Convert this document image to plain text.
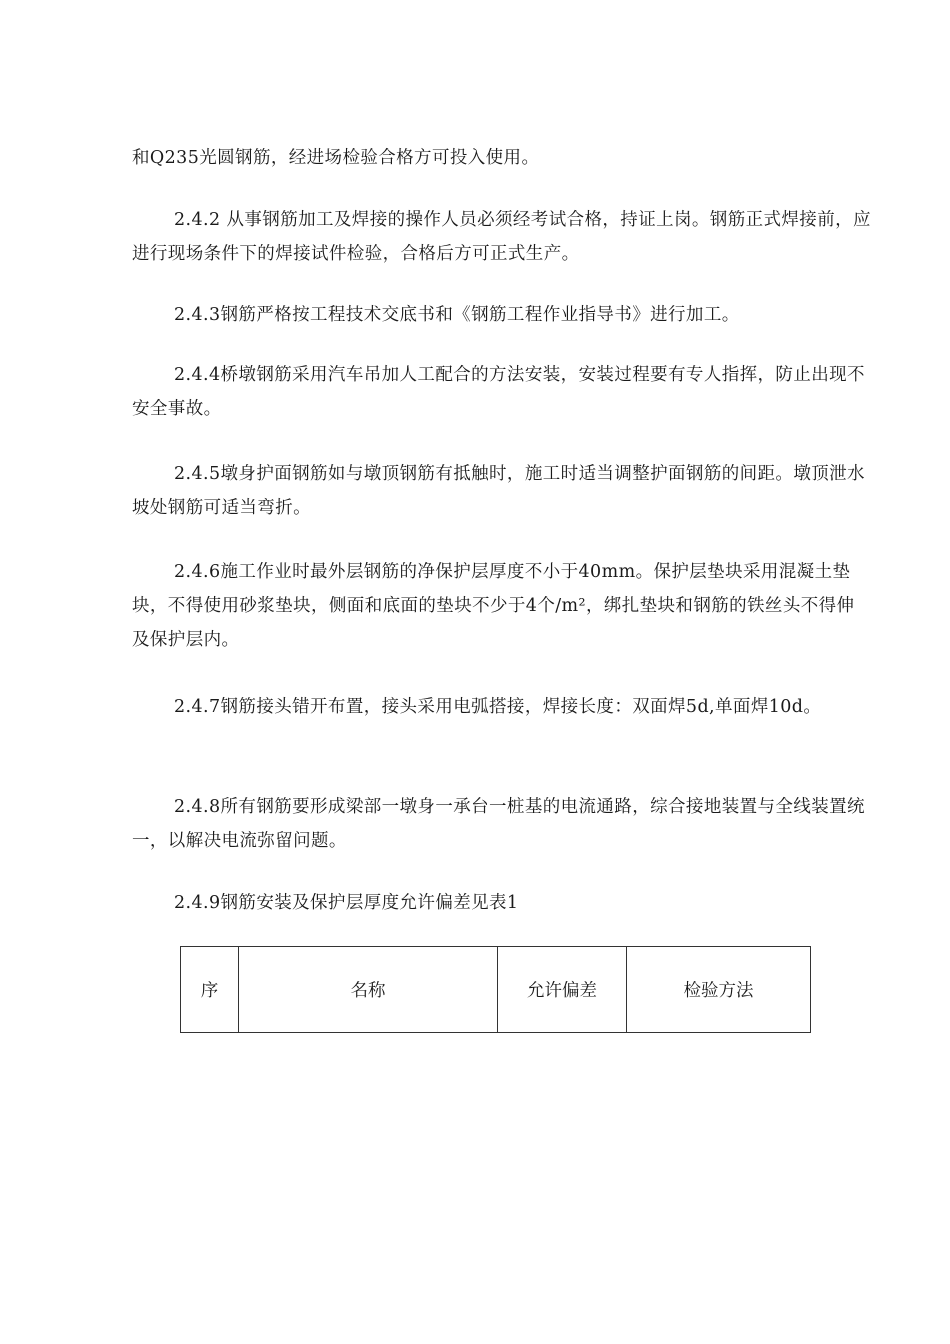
和Q235光圆钢筋，经进场检验合格方可投入使用。

2.4.2 从事钢筋加工及焊接的操作人员必须经考试合格，持证上岗。钢筋正式焊接前，应进行现场条件下的焊接试件检验，合格后方可正式生产。

2.4.3钢筋严格按工程技术交底书和《钢筋工程作业指导书》进行加工。

2.4.4桥墩钢筋采用汽车吊加人工配合的方法安装，安装过程要有专人指挥，防止出现不安全事故。

2.4.5墩身护面钢筋如与墩顶钢筋有抵触时，施工时适当调整护面钢筋的间距。墩顶泄水坡处钢筋可适当弯折。

2.4.6施工作业时最外层钢筋的净保护层厚度不小于40mm。保护层垫块采用混凝土垫块，不得使用砂浆垫块，侧面和底面的垫块不少于4个/m²，绑扎垫块和钢筋的铁丝头不得伸及保护层内。

2.4.7钢筋接头错开布置，接头采用电弧搭接，焊接长度：双面焊5d,单面焊10d。

2.4.8所有钢筋要形成梁部一墩身一承台一桩基的电流通路，综合接地装置与全线装置统一，以解决电流弥留问题。

2.4.9钢筋安装及保护层厚度允许偏差见表1

序	名称	允许偏差	检验方法
